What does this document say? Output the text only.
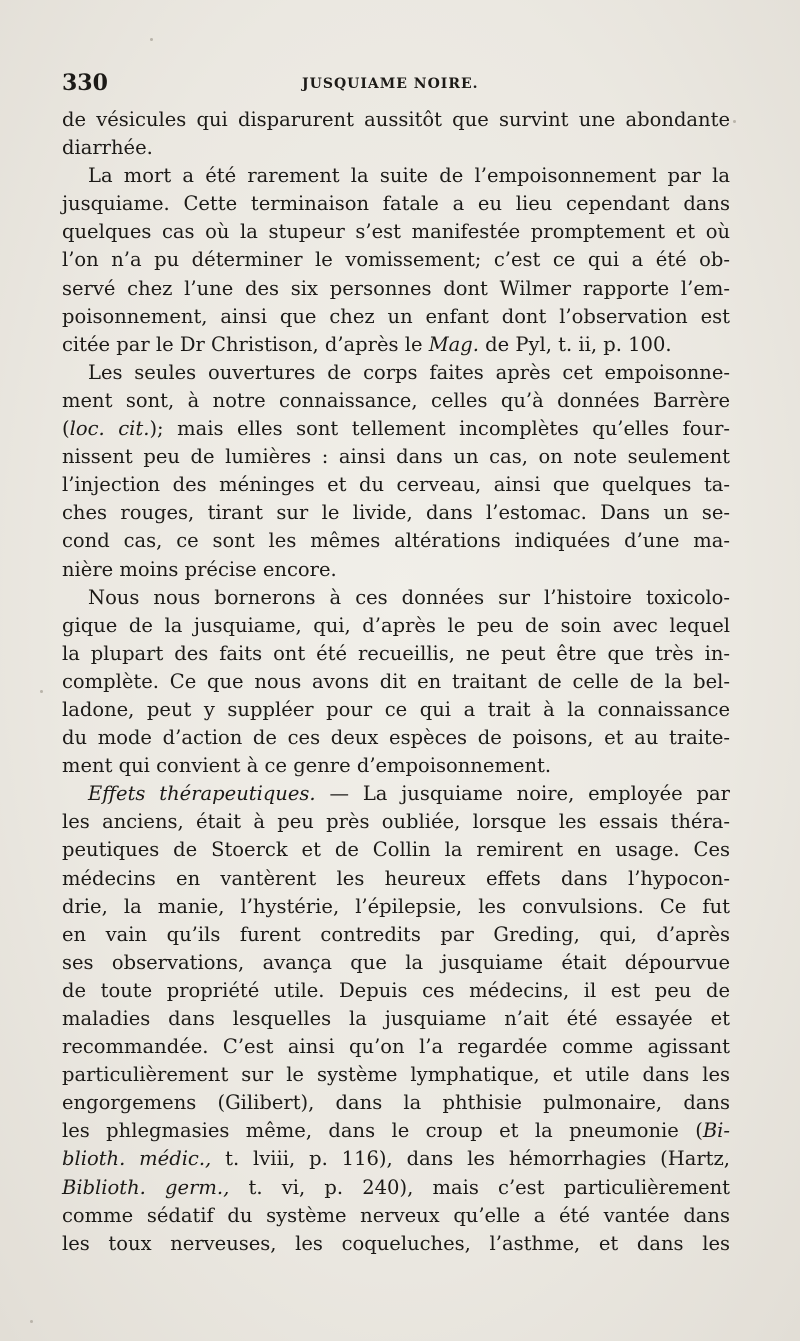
330	JUSQUIAME NOIRE.
de vésicules qui disparurent aussitôt que survint une abondante
diarrhée.
La mort a été rarement la suite de l’empoisonnement par la
jusquiame. Cette terminaison fatale a eu lieu cependant dans
quelques cas où la stupeur s’est manifestée promptement et où
l’on n’a pu déterminer le vomissement; c’est ce qui a été ob-
servé chez l’une des six personnes dont Wilmer rapporte l’em-
poisonnement, ainsi que chez un enfant dont l’observation est
citée par le Dr Christison, d’après le Mag. de Pyl, t. ii, p. 100.
Les seules ouvertures de corps faites après cet empoisonne-
ment sont, à notre connaissance, celles qu’à données Barrère
(loc. cit.); mais elles sont tellement incomplètes qu’elles four-
nissent peu de lumières : ainsi dans un cas, on note seulement
l’injection des méninges et du cerveau, ainsi que quelques ta-
ches rouges, tirant sur le livide, dans l’estomac. Dans un se-
cond cas, ce sont les mêmes altérations indiquées d’une ma-
nière moins précise encore.
Nous nous bornerons à ces données sur l’histoire toxicolo-
gique de la jusquiame, qui, d’après le peu de soin avec lequel
la plupart des faits ont été recueillis, ne peut être que très in-
complète. Ce que nous avons dit en traitant de celle de la bel-
ladone, peut y suppléer pour ce qui a trait à la connaissance
du mode d’action de ces deux espèces de poisons, et au traite-
ment qui convient à ce genre d’empoisonnement.
Effets thérapeutiques. — La jusquiame noire, employée par
les anciens, était à peu près oubliée, lorsque les essais théra-
peutiques de Stoerck et de Collin la remirent en usage. Ces
médecins en vantèrent les heureux effets dans l’hypocon-
drie, la manie, l’hystérie, l’épilepsie, les convulsions. Ce fut
en vain qu’ils furent contredits par Greding, qui, d’après
ses observations, avança que la jusquiame était dépourvue
de toute propriété utile. Depuis ces médecins, il est peu de
maladies dans lesquelles la jusquiame n’ait été essayée et
recommandée. C’est ainsi qu’on l’a regardée comme agissant
particulièrement sur le système lymphatique, et utile dans les
engorgemens (Gilibert), dans la phthisie pulmonaire, dans
les phlegmasies même, dans le croup et la pneumonie (Bi-
blioth. médic., t. lviii, p. 116), dans les hémorrhagies (Hartz,
Biblioth. germ., t. vi, p. 240), mais c’est particulièrement
comme sédatif du système nerveux qu’elle a été vantée dans
les toux nerveuses, les coqueluches, l’asthme, et dans les
